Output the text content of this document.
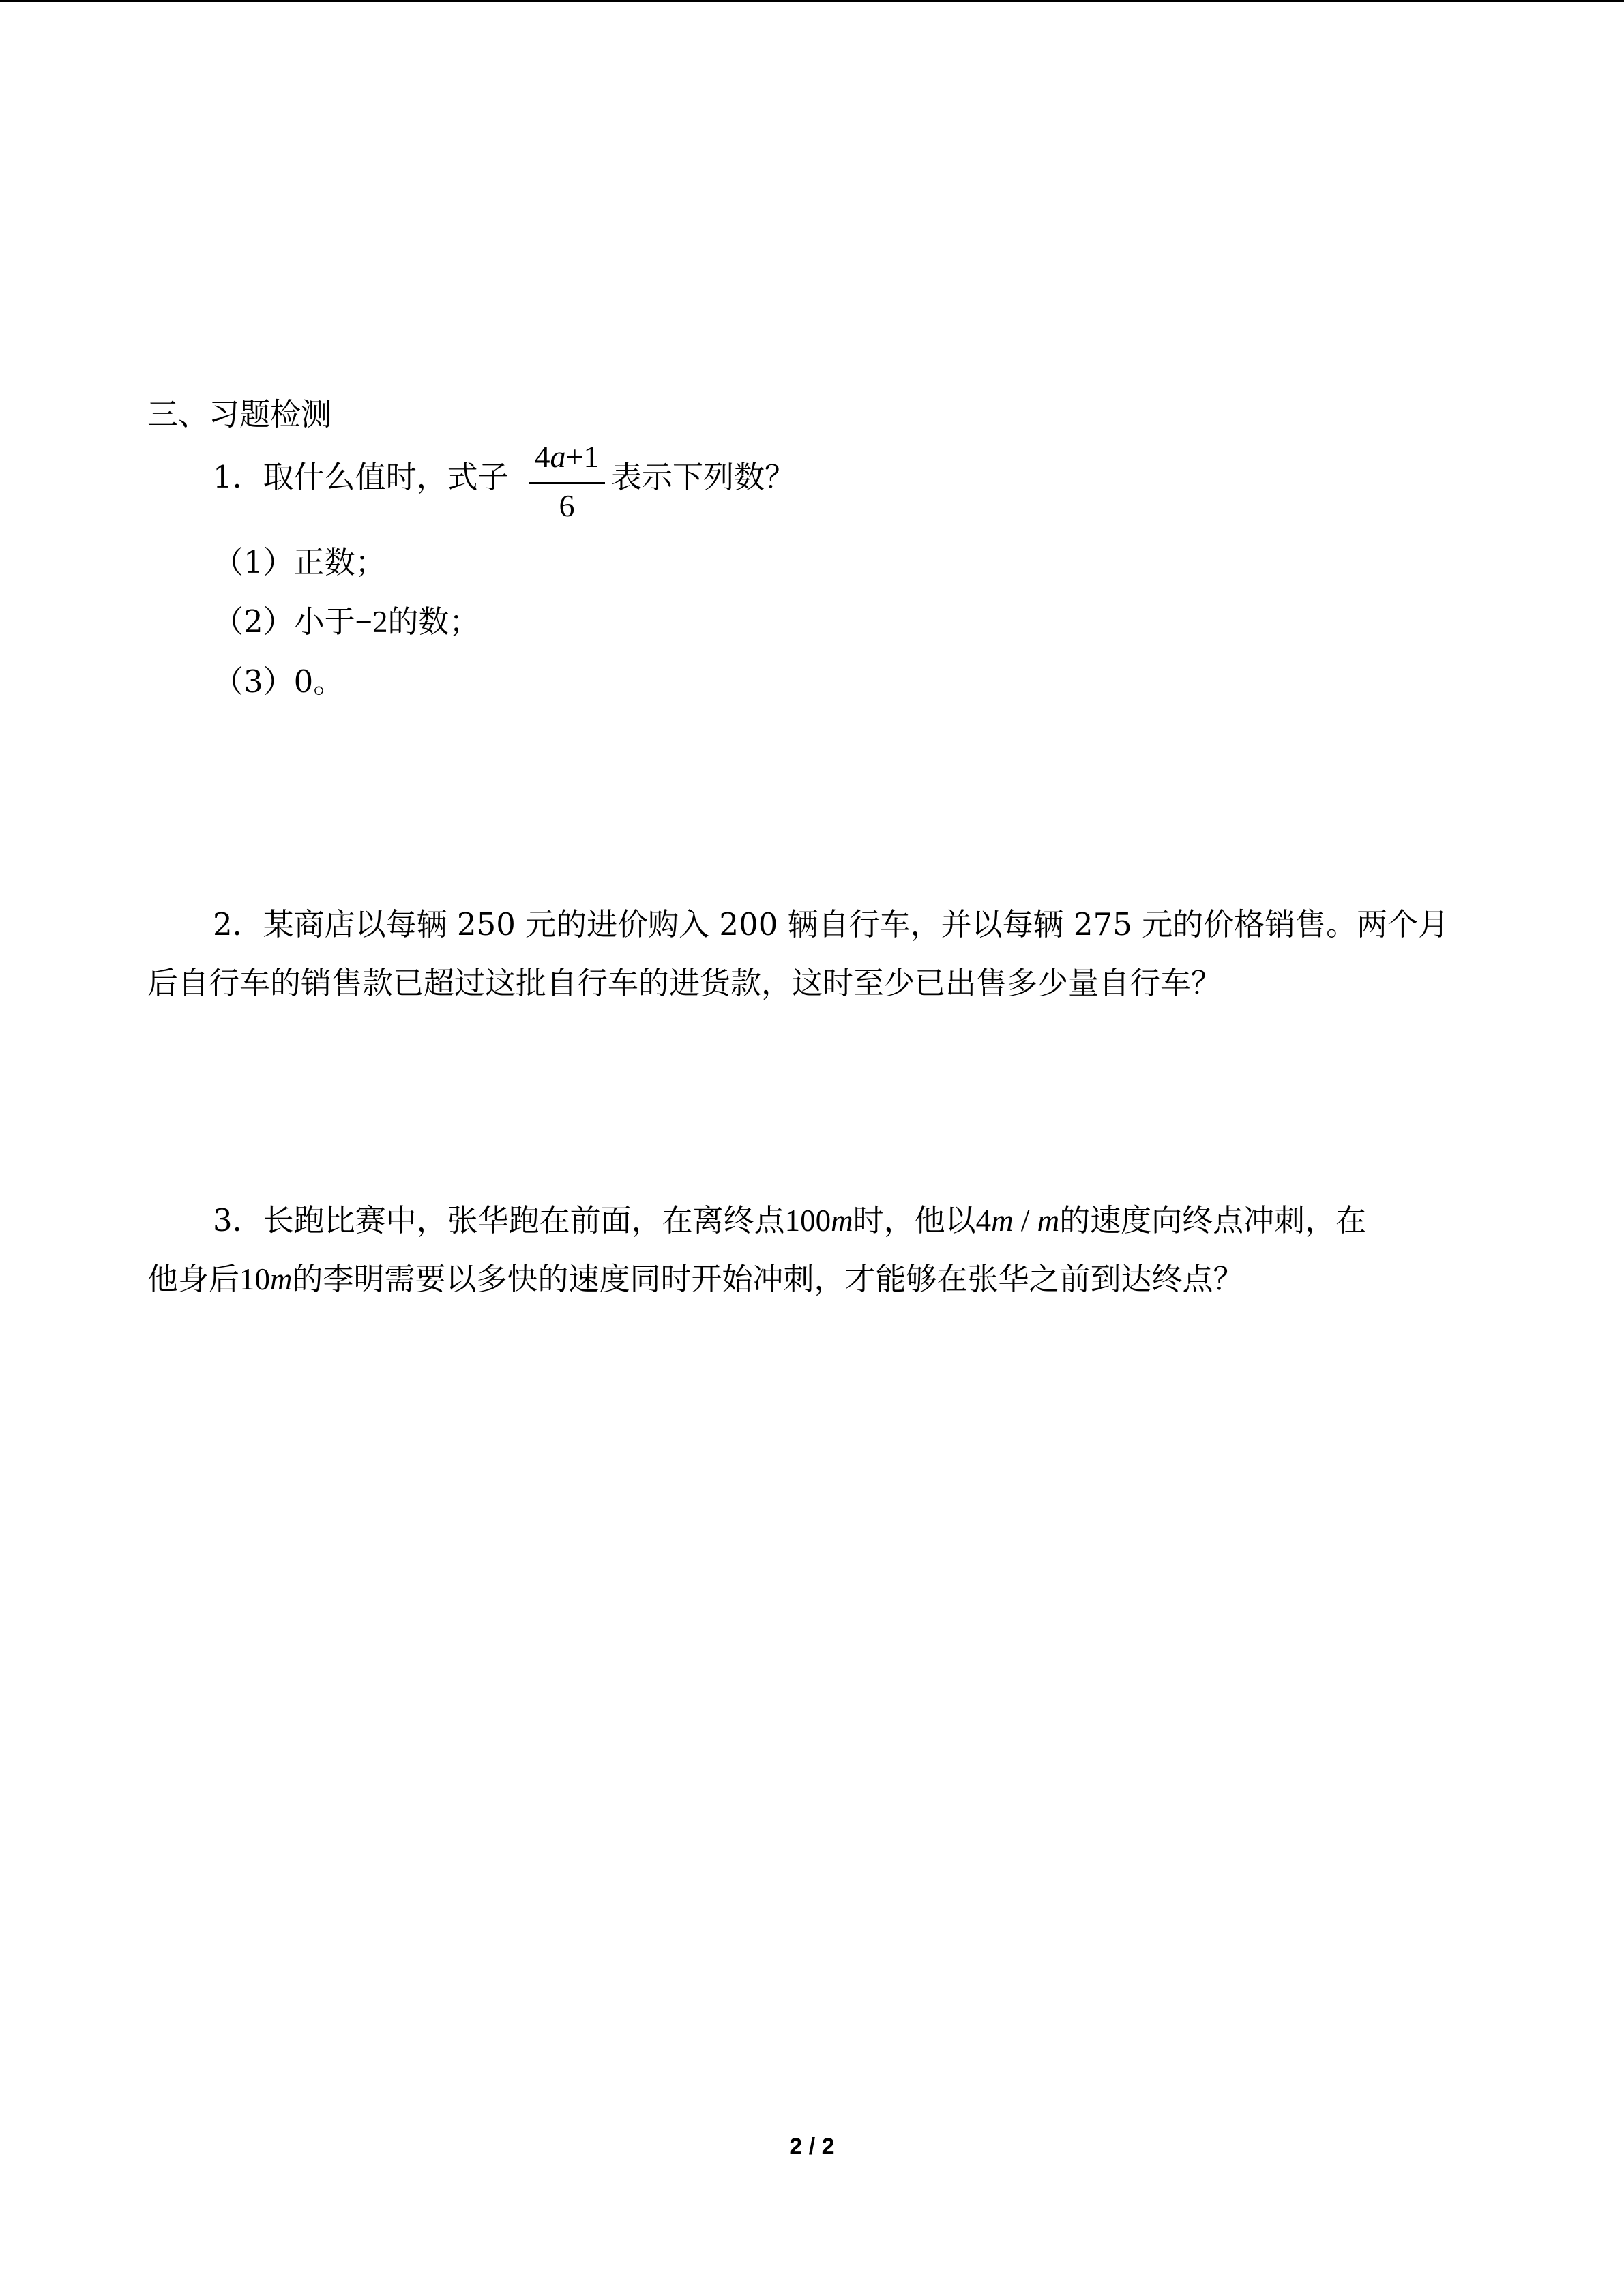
三、习题检测
1．取什么值时，式子
4a+1
6
表示下列数？
（1）正数；
（2）小于−2的数；
（3）0。
2．某商店以每辆 250 元的进价购入 200 辆自行车，并以每辆 275 元的价格销售。两个月
后自行车的销售款已超过这批自行车的进货款，这时至少已出售多少量自行车？
3．长跑比赛中，张华跑在前面，在离终点100m时，他以4m / m的速度向终点冲刺，在
他身后10m的李明需要以多快的速度同时开始冲刺，才能够在张华之前到达终点？
2 / 2
